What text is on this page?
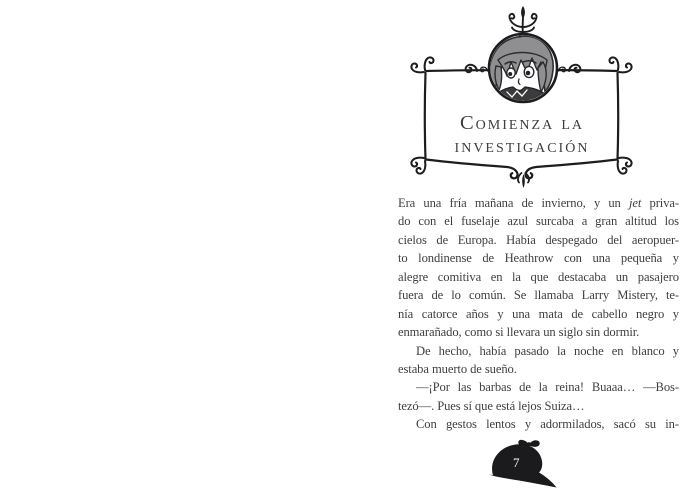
Comienza la
investigación
Era una fría mañana de invierno, y un jet priva-
do con el fuselaje azul surcaba a gran altitud los
cielos de Europa. Había despegado del aeropuer-
to londinense de Heathrow con una pequeña y
alegre comitiva en la que destacaba un pasajero
fuera de lo común. Se llamaba Larry Mistery, te-
nía catorce años y una mata de cabello negro y
enmarañado, como si llevara un siglo sin dormir.
De hecho, había pasado la noche en blanco y
estaba muerto de sueño.
—¡Por las barbas de la reina! Buaaa… —Bos-
tezó—. Pues sí que está lejos Suiza…
Con gestos lentos y adormilados, sacó su in-
7
